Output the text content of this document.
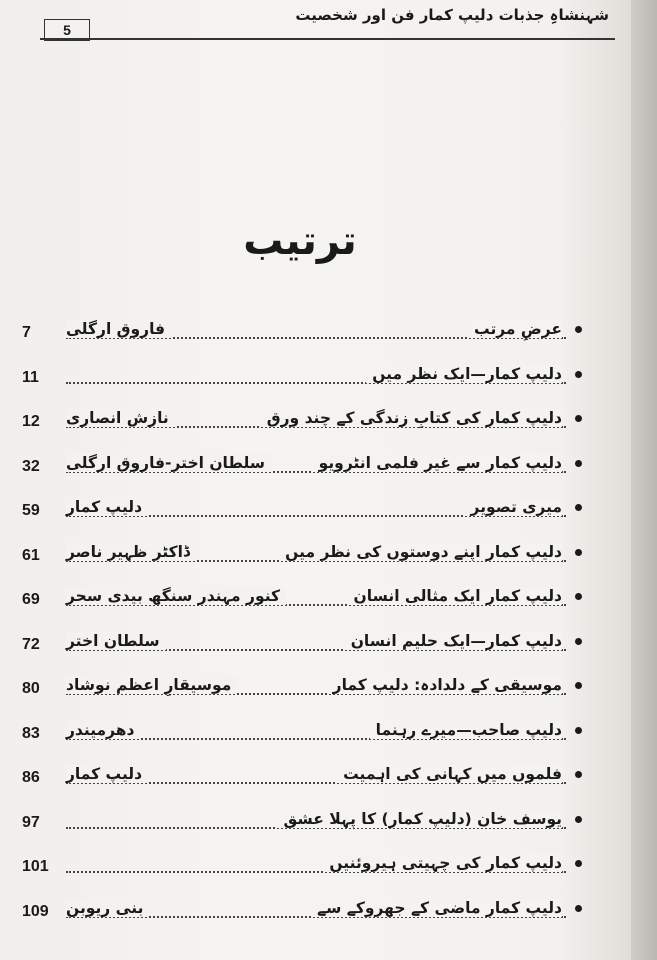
5
شہنشاہِ جذبات دلیپ کمار فن اور شخصیت
ترتیب
7	عرضِ مرتب
فاروق ارگلی
11	دلیپ کمار—ایک نظر میں
12	دلیپ کمار کی کتابِ زندگی کے چند ورق
نازش انصاری
32	دلیپ کمار سے غیر فلمی انٹرویو
سلطان اختر-فاروق ارگلی
59	میری تصویر
دلیپ کمار
61	دلیپ کمار اپنے دوستوں کی نظر میں
ڈاکٹر ظہیر ناصر
69	دلیپ کمار ایک مثالی انسان
کنور مہندر سنگھ بیدی سحر
72	دلیپ کمار—ایک حلیم انسان
سلطان اختر
80	موسیقی کے دلدادہ: دلیپ کمار
موسیقارِ اعظم نوشاد
83	دلیپ صاحب—میرے رہنما
دھرمیندر
86	فلموں میں کہانی کی اہمیت
دلیپ کمار
97	یوسف خان (دلیپ کمار) کا پہلا عشق
101	دلیپ کمار کی چہیتی ہیروئنیں
109	دلیپ کمار ماضی کے جھروکے سے
بنی ریوبن
